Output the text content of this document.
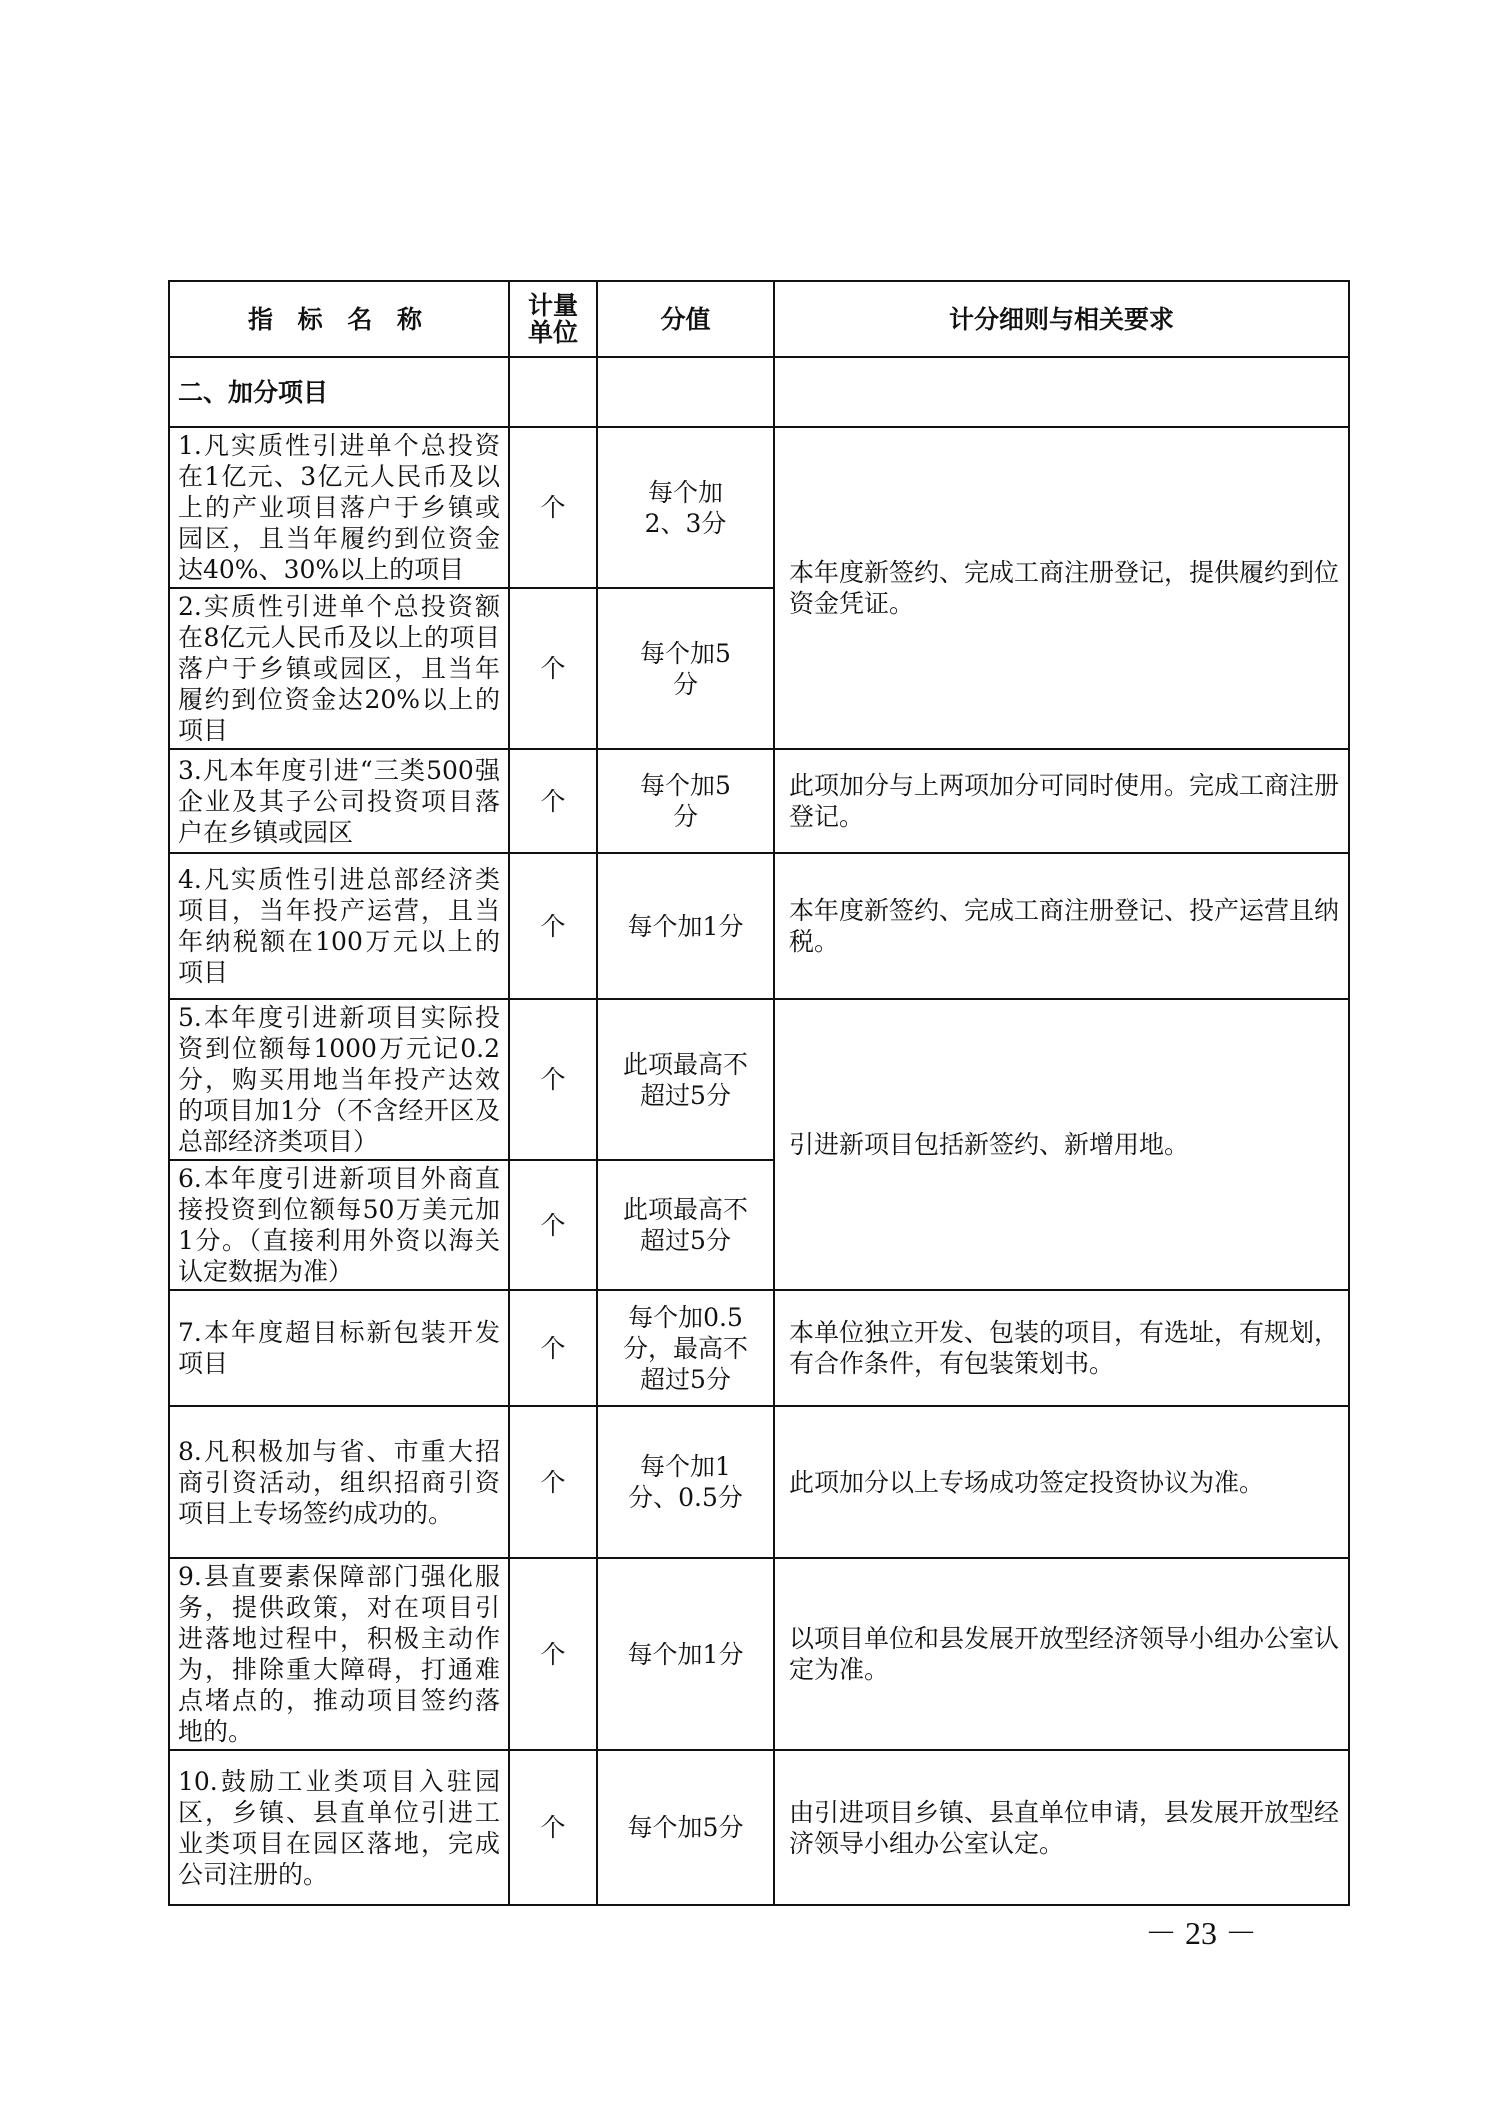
指 标 名 称	计量单位	分值	计分细则与相关要求
二、加分项目			
1.凡实质性引进单个总投资在1亿元、3亿元人民币及以上的产业项目落户于乡镇或园区，且当年履约到位资金达40%、30%以上的项目	个	每个加2、3分	本年度新签约、完成工商注册登记，提供履约到位资金凭证。
2.实质性引进单个总投资额在8亿元人民币及以上的项目落户于乡镇或园区，且当年履约到位资金达20%以上的项目	个	每个加5分	
3.凡本年度引进“三类500强企业及其子公司投资项目落户在乡镇或园区	个	每个加5分	此项加分与上两项加分可同时使用。完成工商注册登记。
4.凡实质性引进总部经济类项目，当年投产运营，且当年纳税额在100万元以上的项目	个	每个加1分	本年度新签约、完成工商注册登记、投产运营且纳税。
5.本年度引进新项目实际投资到位额每1000万元记0.2分，购买用地当年投产达效的项目加1分（不含经开区及总部经济类项目）	个	此项最高不超过5分	引进新项目包括新签约、新增用地。
6.本年度引进新项目外商直接投资到位额每50万美元加1分。（直接利用外资以海关认定数据为准）	个	此项最高不超过5分	
7.本年度超目标新包装开发项目	个	每个加0.5分，最高不超过5分	本单位独立开发、包装的项目，有选址，有规划，有合作条件，有包装策划书。
8.凡积极加与省、市重大招商引资活动，组织招商引资项目上专场签约成功的。	个	每个加1分、0.5分	此项加分以上专场成功签定投资协议为准。
9.县直要素保障部门强化服务，提供政策，对在项目引进落地过程中，积极主动作为，排除重大障碍，打通难点堵点的，推动项目签约落地的。	个	每个加1分	以项目单位和县发展开放型经济领导小组办公室认定为准。
10.鼓励工业类项目入驻园区，乡镇、县直单位引进工业类项目在园区落地，完成公司注册的。	个	每个加5分	由引进项目乡镇、县直单位申请，县发展开放型经济领导小组办公室认定。
－ 23 －
